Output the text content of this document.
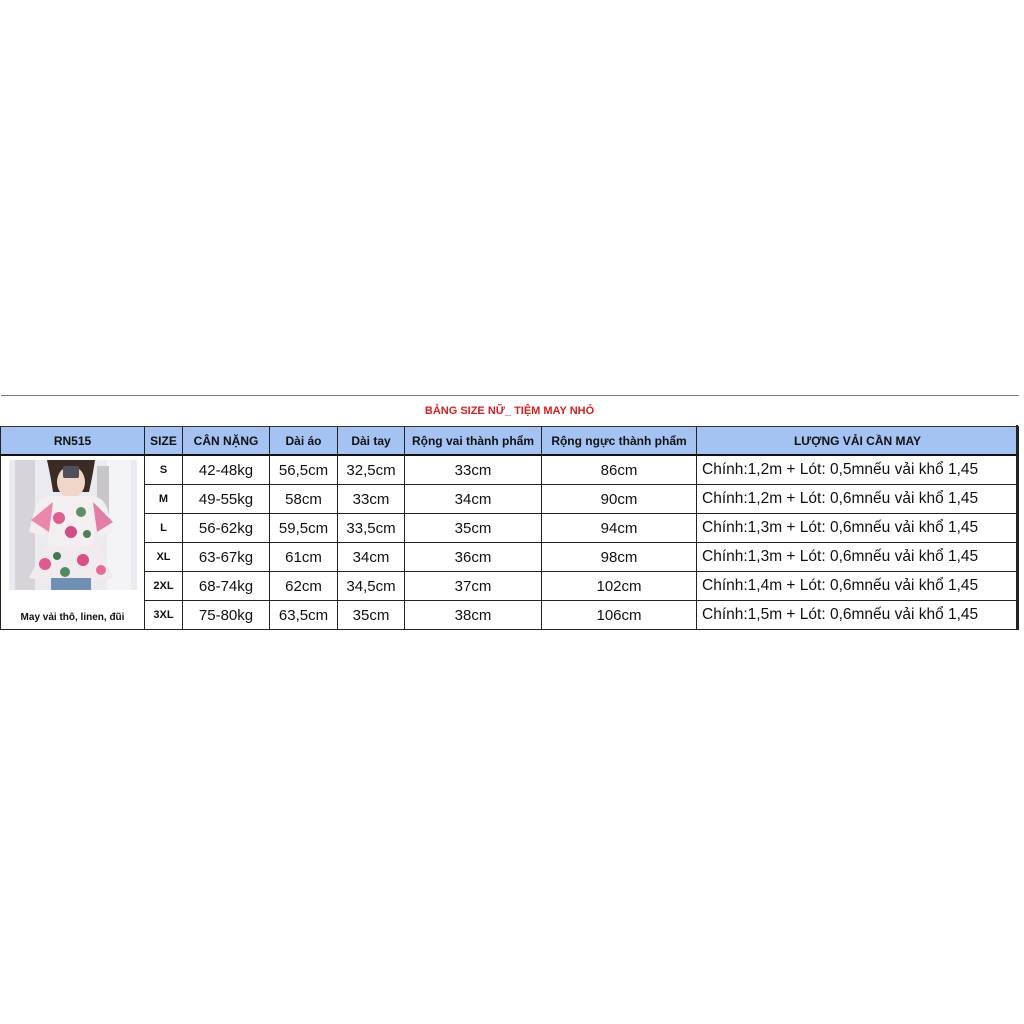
BẢNG SIZE NỮ_ TIỆM MAY NHỎ							
RN515	SIZE	CÂN NẶNG	Dài áo	Dài tay	Rộng vai thành phẩm	Rộng ngực thành phẩm	LƯỢNG VẢI CẦN MAY

May vải thô, linen, đũi	S	42-48kg	56,5cm	32,5cm	33cm	86cm	Chính:1,2m + Lót: 0,5mnếu vải khổ 1,45
	M	49-55kg	58cm	33cm	34cm	90cm	Chính:1,2m + Lót: 0,6mnếu vải khổ 1,45
	L	56-62kg	59,5cm	33,5cm	35cm	94cm	Chính:1,3m + Lót: 0,6mnếu vải khổ 1,45
	XL	63-67kg	61cm	34cm	36cm	98cm	Chính:1,3m + Lót: 0,6mnếu vải khổ 1,45
	2XL	68-74kg	62cm	34,5cm	37cm	102cm	Chính:1,4m + Lót: 0,6mnếu vải khổ 1,45
	3XL	75-80kg	63,5cm	35cm	38cm	106cm	Chính:1,5m + Lót: 0,6mnếu vải khổ 1,45
